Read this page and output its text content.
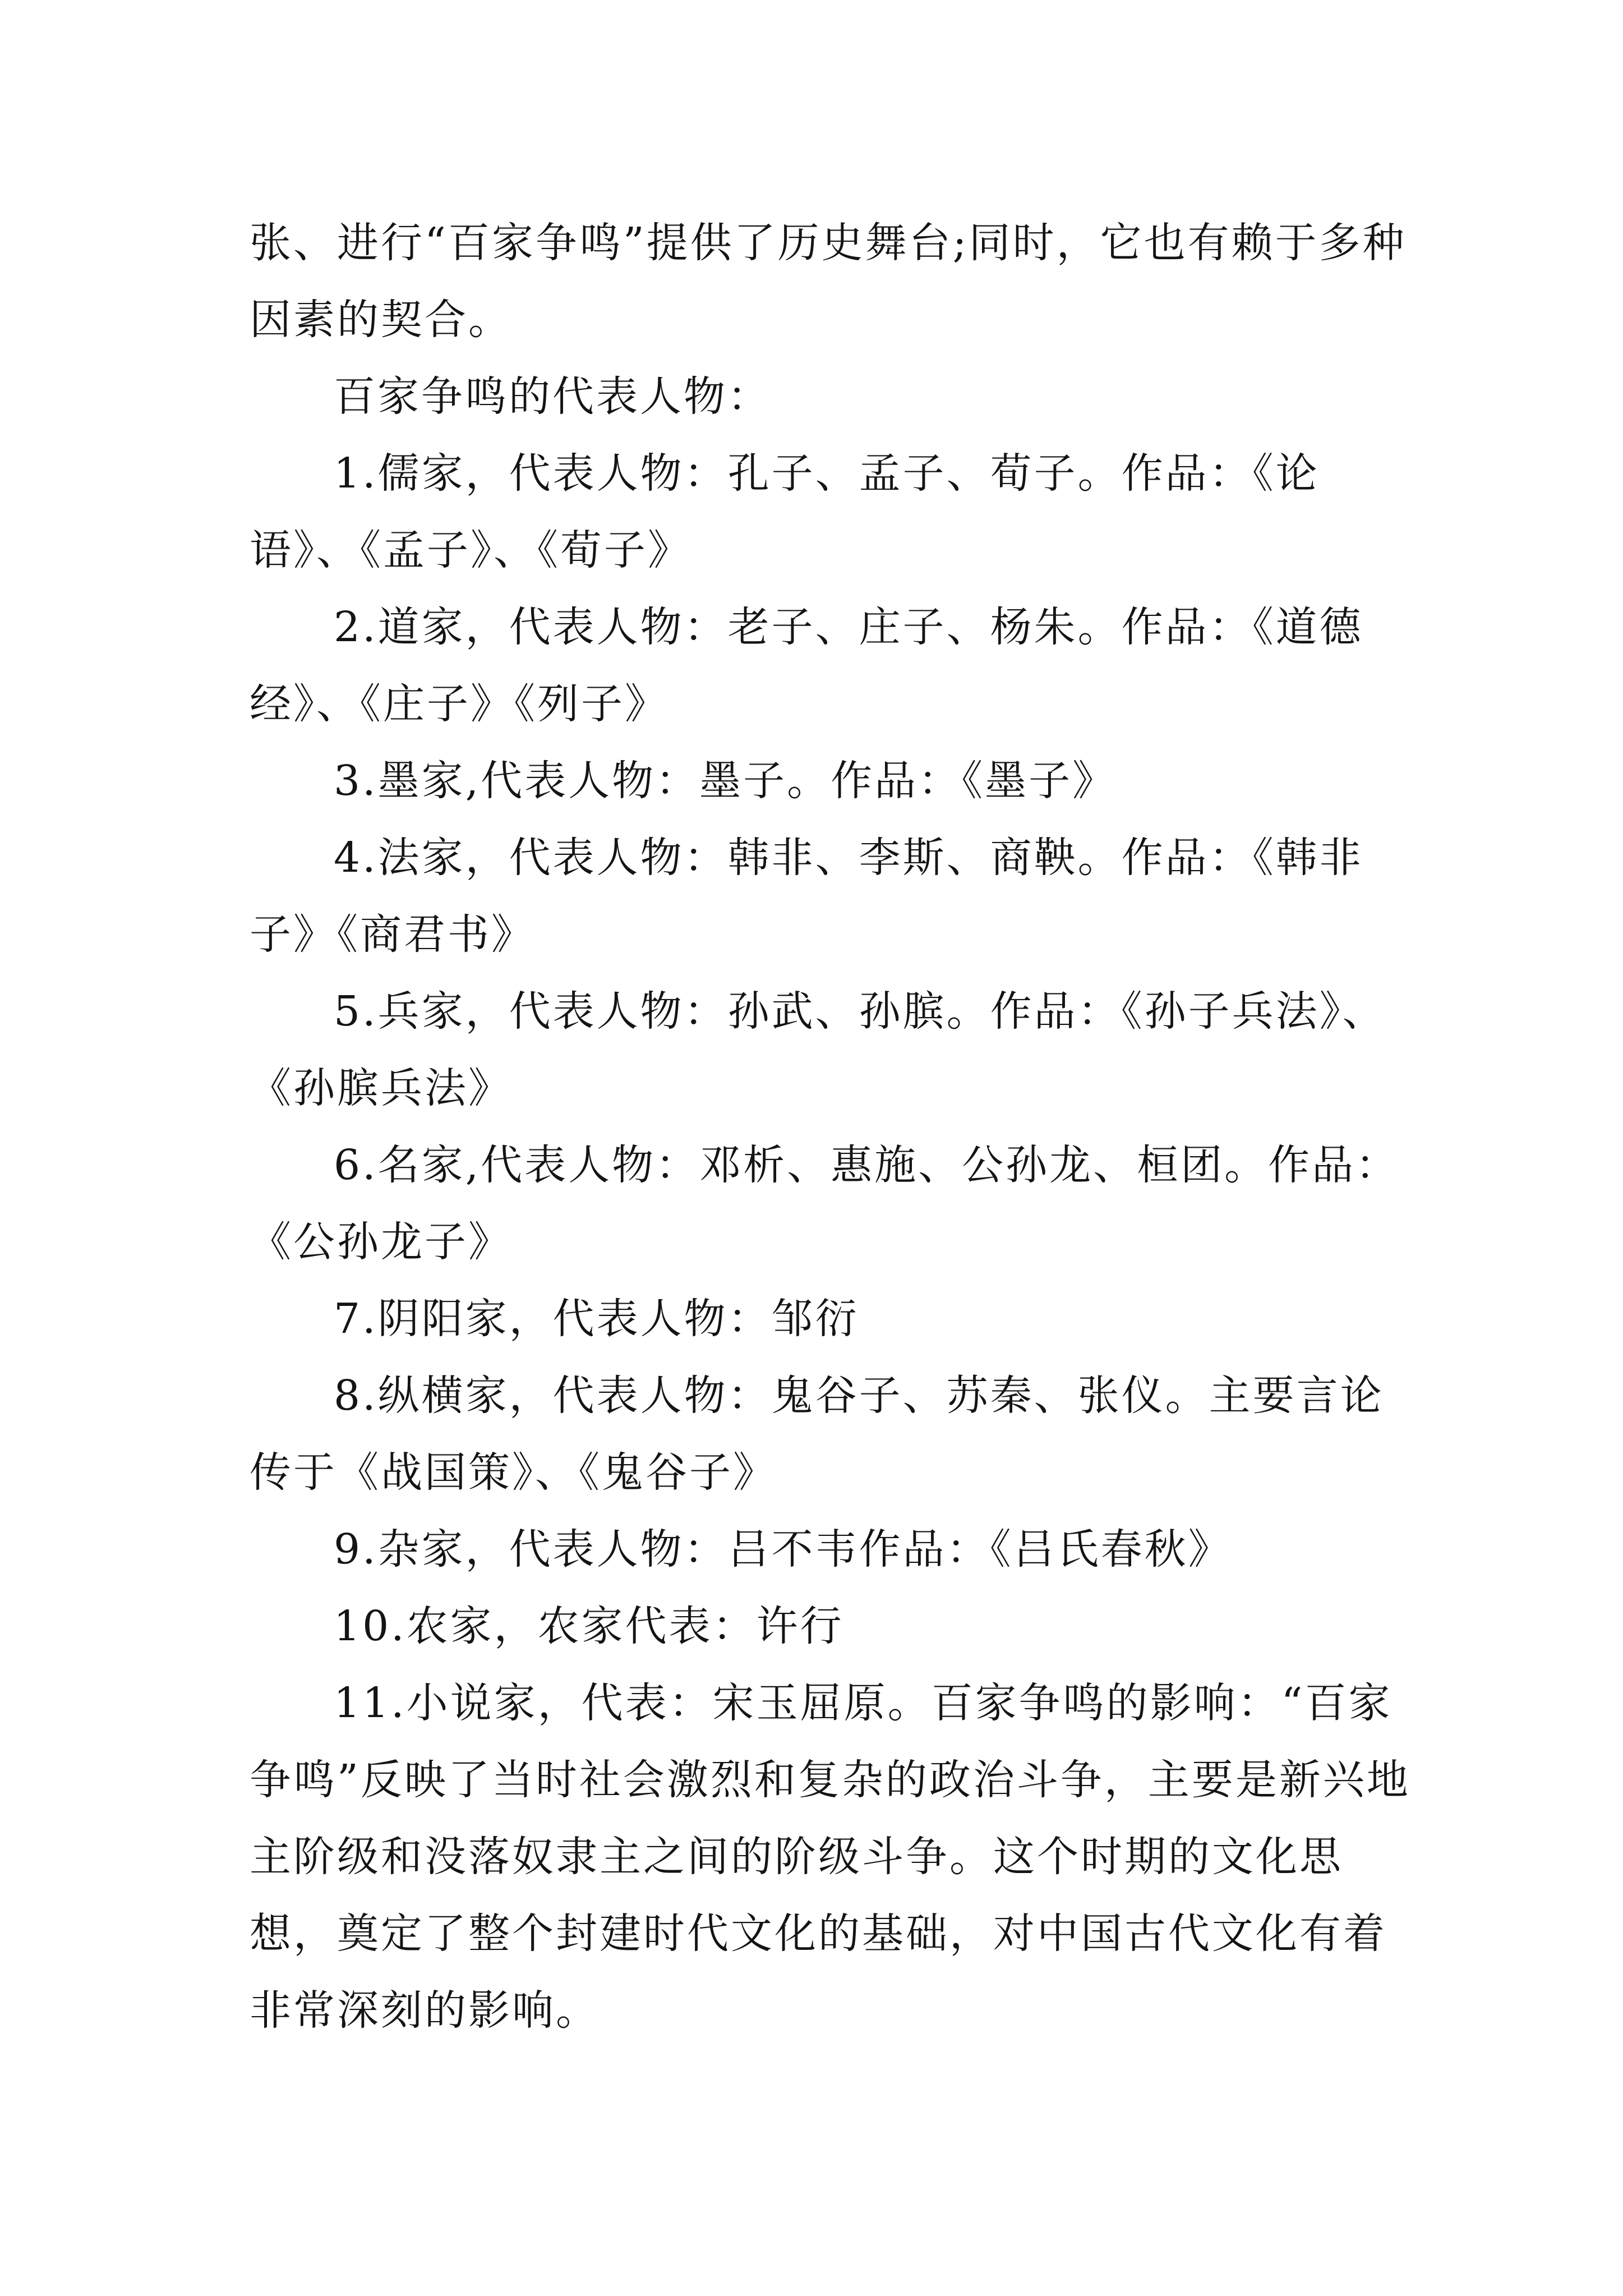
张、进行“百家争鸣”提供了历史舞台;同时，它也有赖于多种因素的契合。

百家争鸣的代表人物：

1.儒家，代表人物：孔子、孟子、荀子。作品：《论语》、《孟子》、《荀子》

2.道家，代表人物：老子、庄子、杨朱。作品：《道德经》、《庄子》《列子》

3.墨家,代表人物：墨子。作品：《墨子》

4.法家，代表人物：韩非、李斯、商鞅。作品：《韩非子》《商君书》

5.兵家，代表人物：孙武、孙膑。作品：《孙子兵法》、《孙膑兵法》

6.名家,代表人物：邓析、惠施、公孙龙、桓团。作品：《公孙龙子》

7.阴阳家，代表人物：邹衍

8.纵横家，代表人物：鬼谷子、苏秦、张仪。主要言论传于《战国策》、《鬼谷子》

9.杂家，代表人物：吕不韦作品：《吕氏春秋》

10.农家，农家代表：许行

11.小说家，代表：宋玉屈原。百家争鸣的影响：“百家争鸣”反映了当时社会激烈和复杂的政治斗争，主要是新兴地主阶级和没落奴隶主之间的阶级斗争。这个时期的文化思想，奠定了整个封建时代文化的基础，对中国古代文化有着非常深刻的影响。
